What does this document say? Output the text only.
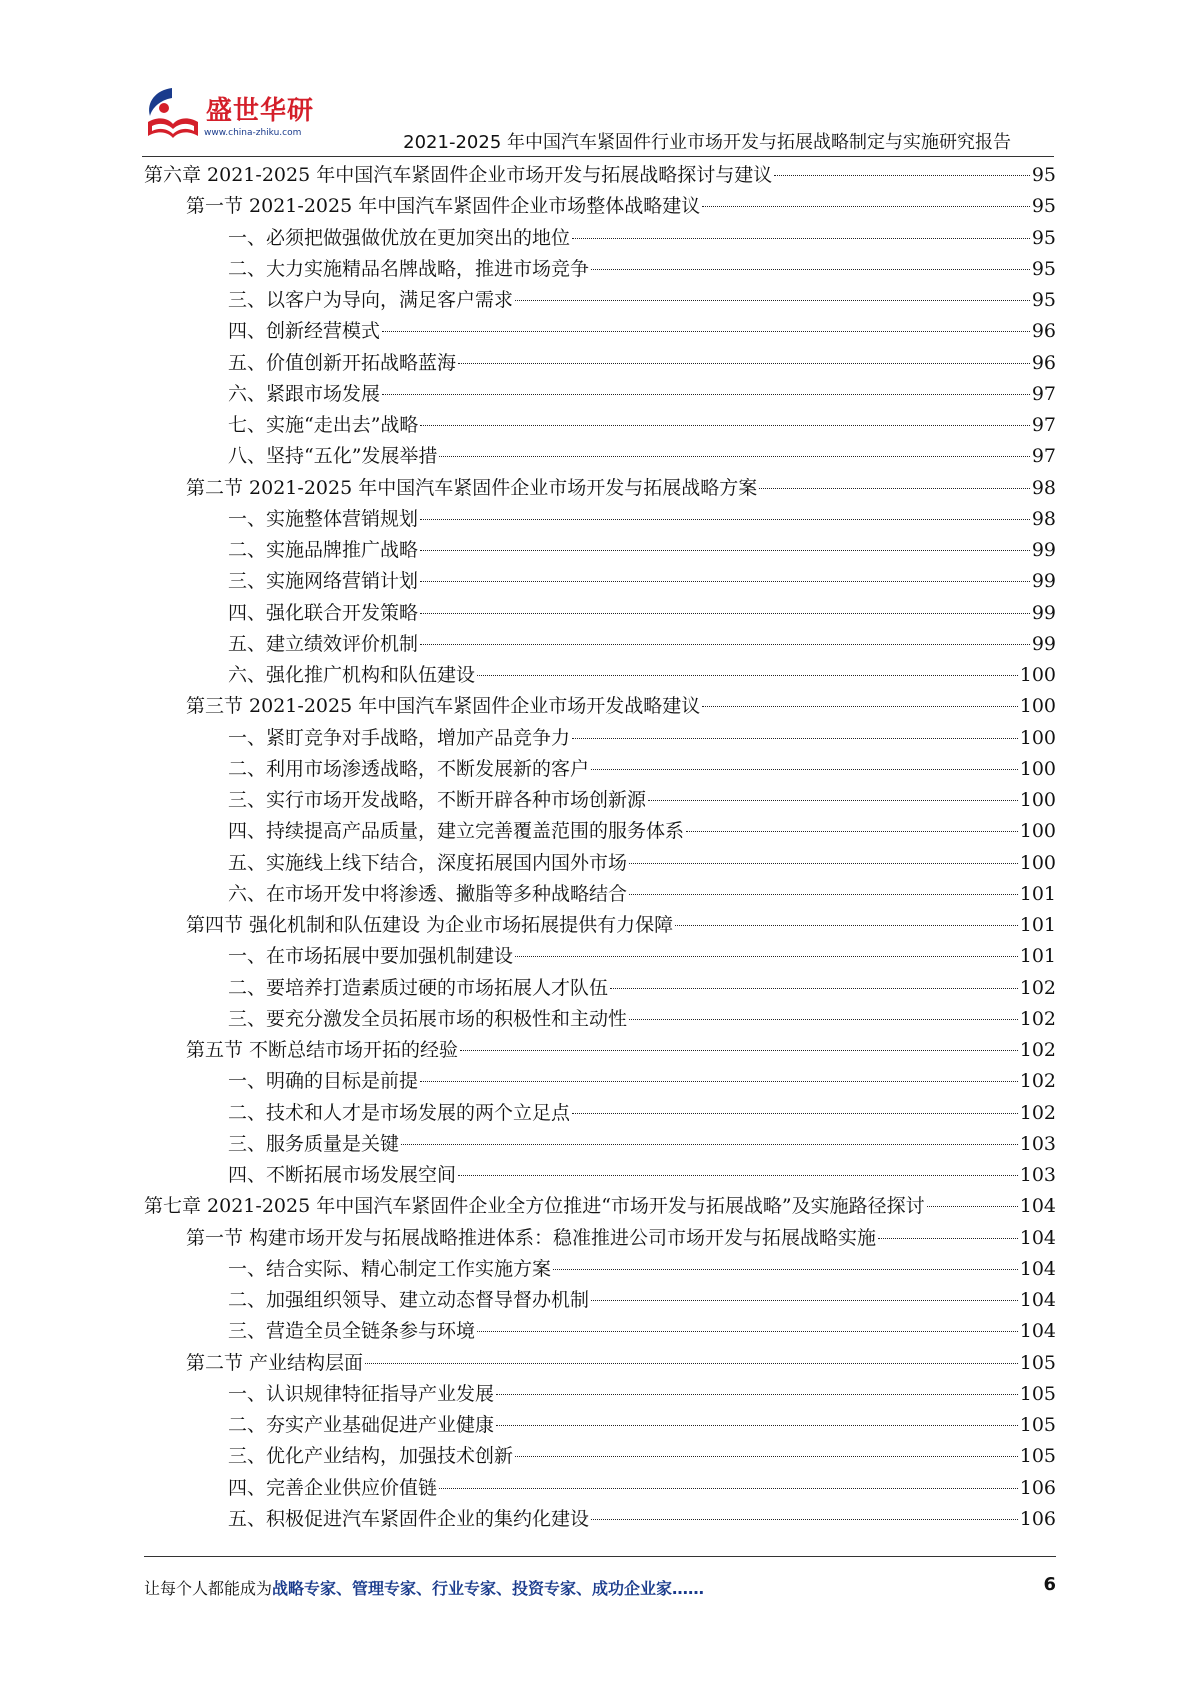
盛世华研
www.china-zhiku.com	2021-2025 年中国汽车紧固件行业市场开发与拓展战略制定与实施研究报告
第六章 2021-2025 年中国汽车紧固件企业市场开发与拓展战略探讨与建议	95
第一节 2021-2025 年中国汽车紧固件企业市场整体战略建议	95
一、必须把做强做优放在更加突出的地位	95
二、大力实施精品名牌战略，推进市场竞争	95
三、以客户为导向，满足客户需求	95
四、创新经营模式	96
五、价值创新开拓战略蓝海	96
六、紧跟市场发展	97
七、实施“走出去”战略	97
八、坚持“五化”发展举措	97
第二节 2021-2025 年中国汽车紧固件企业市场开发与拓展战略方案	98
一、实施整体营销规划	98
二、实施品牌推广战略	99
三、实施网络营销计划	99
四、强化联合开发策略	99
五、建立绩效评价机制	99
六、强化推广机构和队伍建设	100
第三节 2021-2025 年中国汽车紧固件企业市场开发战略建议	100
一、紧盯竞争对手战略，增加产品竞争力	100
二、利用市场渗透战略，不断发展新的客户	100
三、实行市场开发战略，不断开辟各种市场创新源	100
四、持续提高产品质量，建立完善覆盖范围的服务体系	100
五、实施线上线下结合，深度拓展国内国外市场	100
六、在市场开发中将渗透、撇脂等多种战略结合	101
第四节 强化机制和队伍建设 为企业市场拓展提供有力保障	101
一、在市场拓展中要加强机制建设	101
二、要培养打造素质过硬的市场拓展人才队伍	102
三、要充分激发全员拓展市场的积极性和主动性	102
第五节 不断总结市场开拓的经验	102
一、明确的目标是前提	102
二、技术和人才是市场发展的两个立足点	102
三、服务质量是关键	103
四、不断拓展市场发展空间	103
第七章 2021-2025 年中国汽车紧固件企业全方位推进“市场开发与拓展战略”及实施路径探讨	104
第一节 构建市场开发与拓展战略推进体系：稳准推进公司市场开发与拓展战略实施	104
一、结合实际、精心制定工作实施方案	104
二、加强组织领导、建立动态督导督办机制	104
三、营造全员全链条参与环境	104
第二节 产业结构层面	105
一、认识规律特征指导产业发展	105
二、夯实产业基础促进产业健康	105
三、优化产业结构，加强技术创新	105
四、完善企业供应价值链	106
五、积极促进汽车紧固件企业的集约化建设	106
让每个人都能成为战略专家、管理专家、行业专家、投资专家、成功企业家……	6
